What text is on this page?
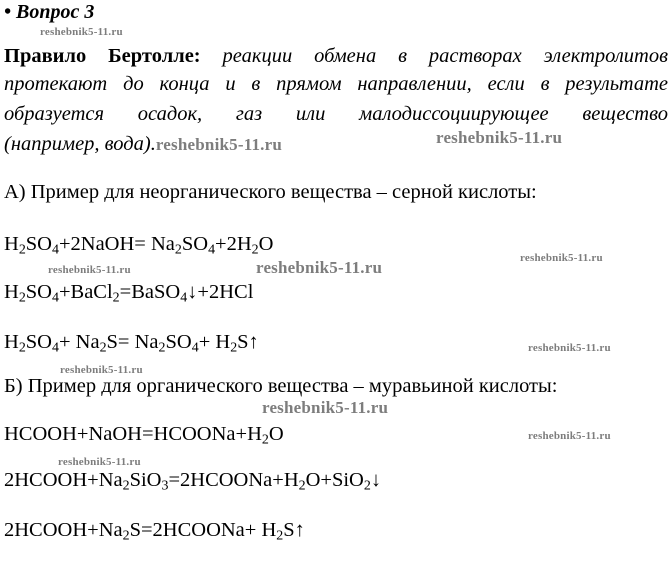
• Вопрос 3
reshebnik5-11.ru
Правило Бертолле: реакции обмена в растворах электролитов
протекают до конца и в прямом направлении, если в результате
образуется осадок, газ или малодиссоциирующее вещество
(например, вода).reshebnik5-11.ru	reshebnik5-11.ru
А) Пример для неорганического вещества – серной кислоты:
$H_2SO_4+2NaOH= Na_2SO_4+2H_2O$
reshebnik5-11.ru
reshebnik5-11.ru	reshebnik5-11.ru
$H_2SO_4+BaCl_2=BaSO_4↓+2HCl$
$H_2SO_4+ Na_2S= Na_2SO_4+$ $H_2S↑$	reshebnik5-11.ru
reshebnik5-11.ru
Б) Пример для органического вещества – муравьиной кислоты:
reshebnik5-11.ru
$HCOOH+NaOH=HCOONa+H_2O$	reshebnik5-11.ru
reshebnik5-11.ru
$2HCOOH+Na_2SiO_3=2HCOONa+H_2O+SiO_2↓$
$2HCOOH+Na_2S=2HCOONa+$ $H_2S↑$
